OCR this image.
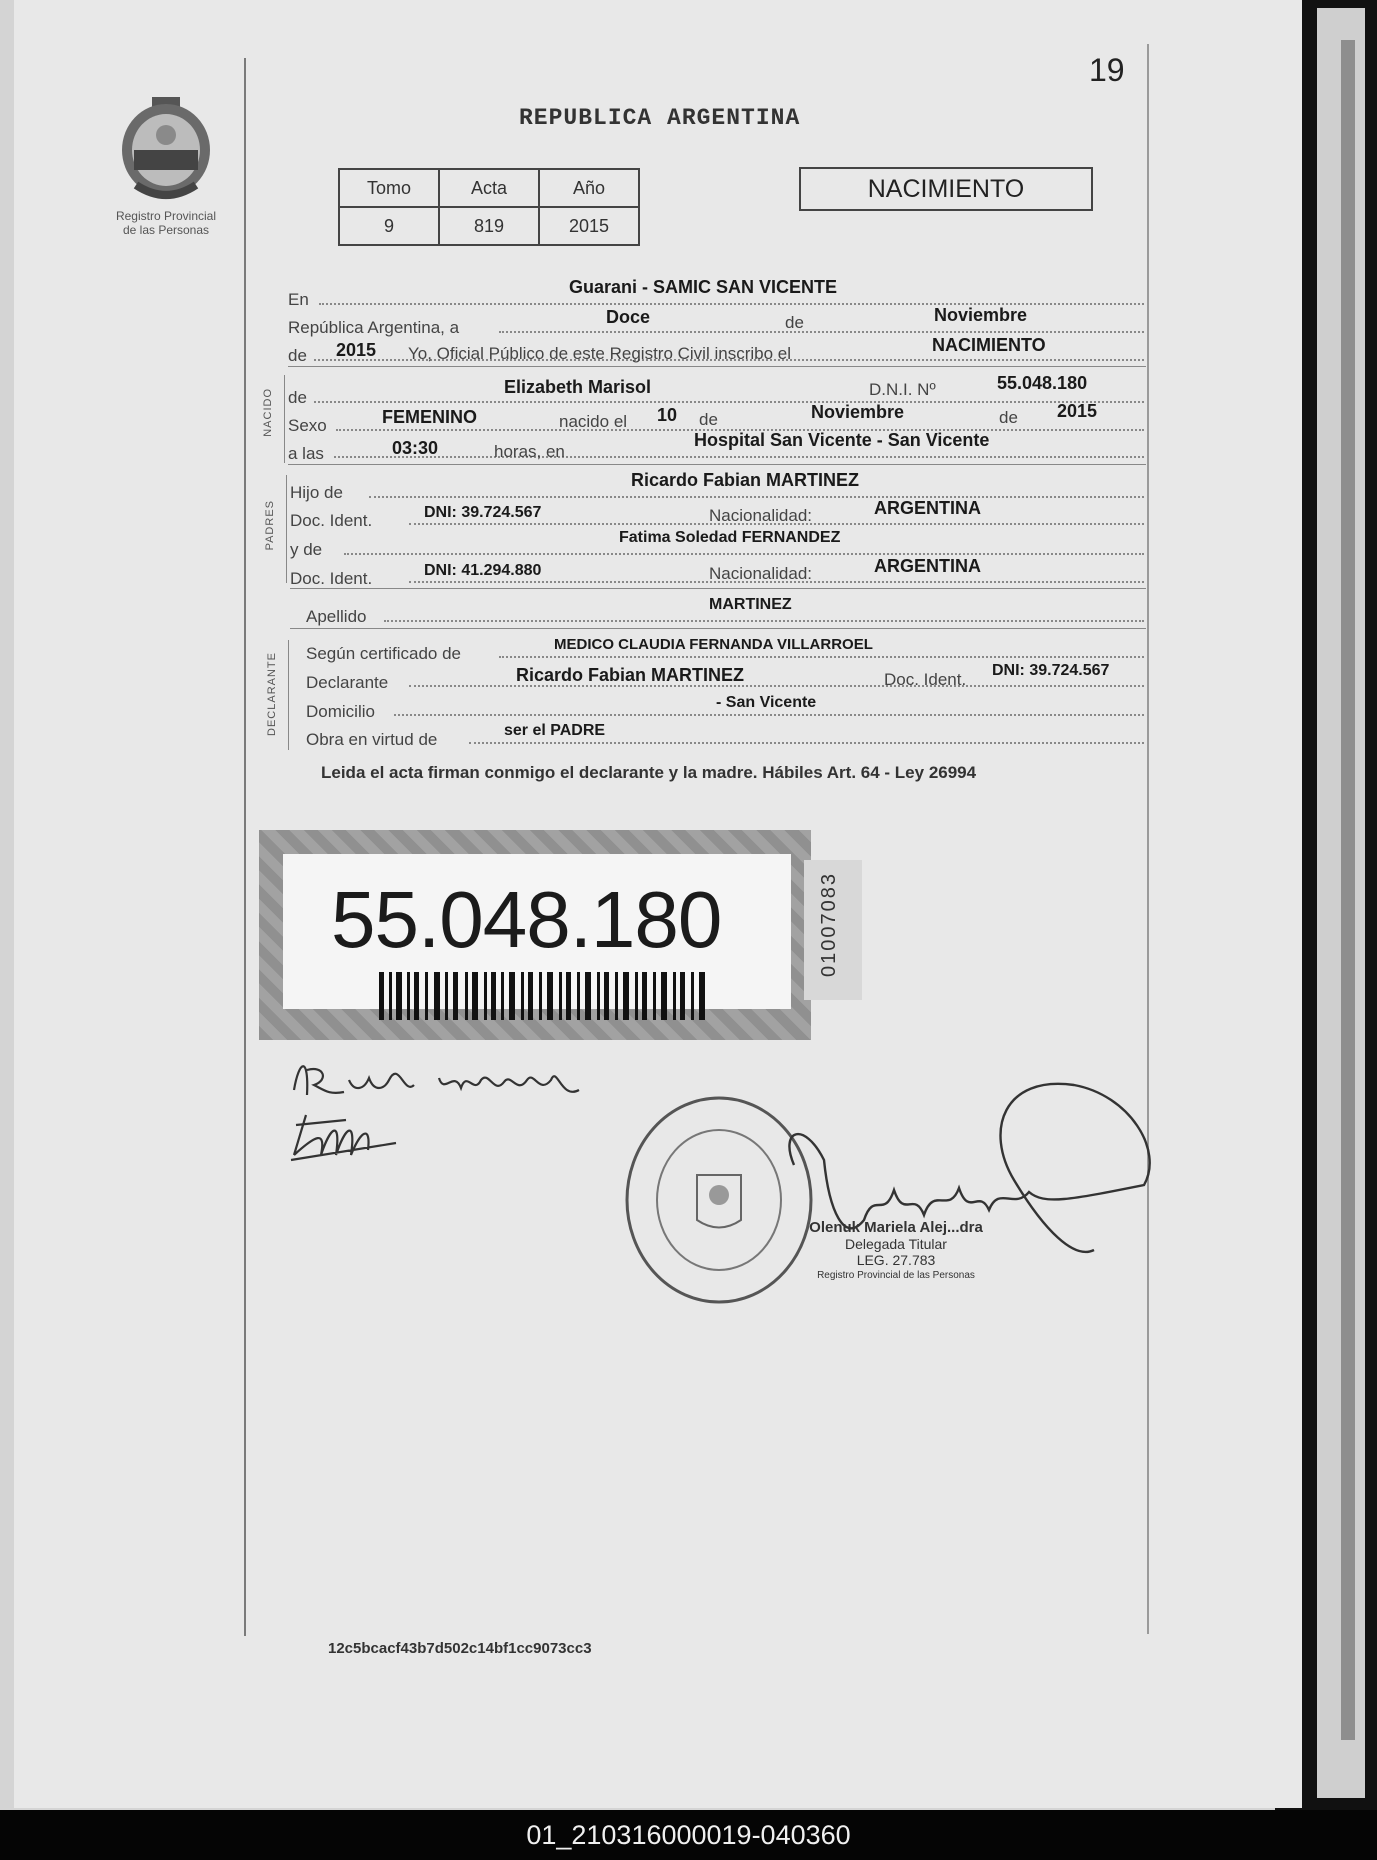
19
Registro Provincial
de las Personas
REPUBLICA ARGENTINA
Tomo	Acta	Año
9	819	2015
NACIMIENTO
En
Guarani - SAMIC SAN VICENTE
República Argentina, a
Doce	de	Noviembre
de 2015 Yo, Oficial Público de este Registro Civil inscribo el	NACIMIENTO
NACIDO de
Elizabeth Marisol	D.N.I. Nº	55.048.180
Sexo	FEMENINO	nacido el 10 de	Noviembre	de 2015
a las	03:30	horas, en
Hospital San Vicente - San Vicente
PADRES
Hijo de
Ricardo Fabian MARTINEZ
Doc. Ident.	DNI: 39.724.567	Nacionalidad:	ARGENTINA
y de
Fatima Soledad FERNANDEZ
Doc. Ident.	DNI: 41.294.880	Nacionalidad:	ARGENTINA
Apellido
MARTINEZ
DECLARANTE Según certificado de	MEDICO CLAUDIA FERNANDA VILLARROEL
Declarante	Ricardo Fabian MARTINEZ	Doc. Ident. DNI: 39.724.567
Domicilio	- San Vicente
Obra en virtud de	ser el PADRE
Leida el acta firman conmigo el declarante y la madre. Hábiles Art. 64 - Ley 26994
55.048.180	01007083
Olenuk Mariela Alej...dra
Delegada Titular
LEG. 27.783
Registro Provincial de las Personas
12c5bcacf43b7d502c14bf1cc9073cc3
01_210316000019-040360
